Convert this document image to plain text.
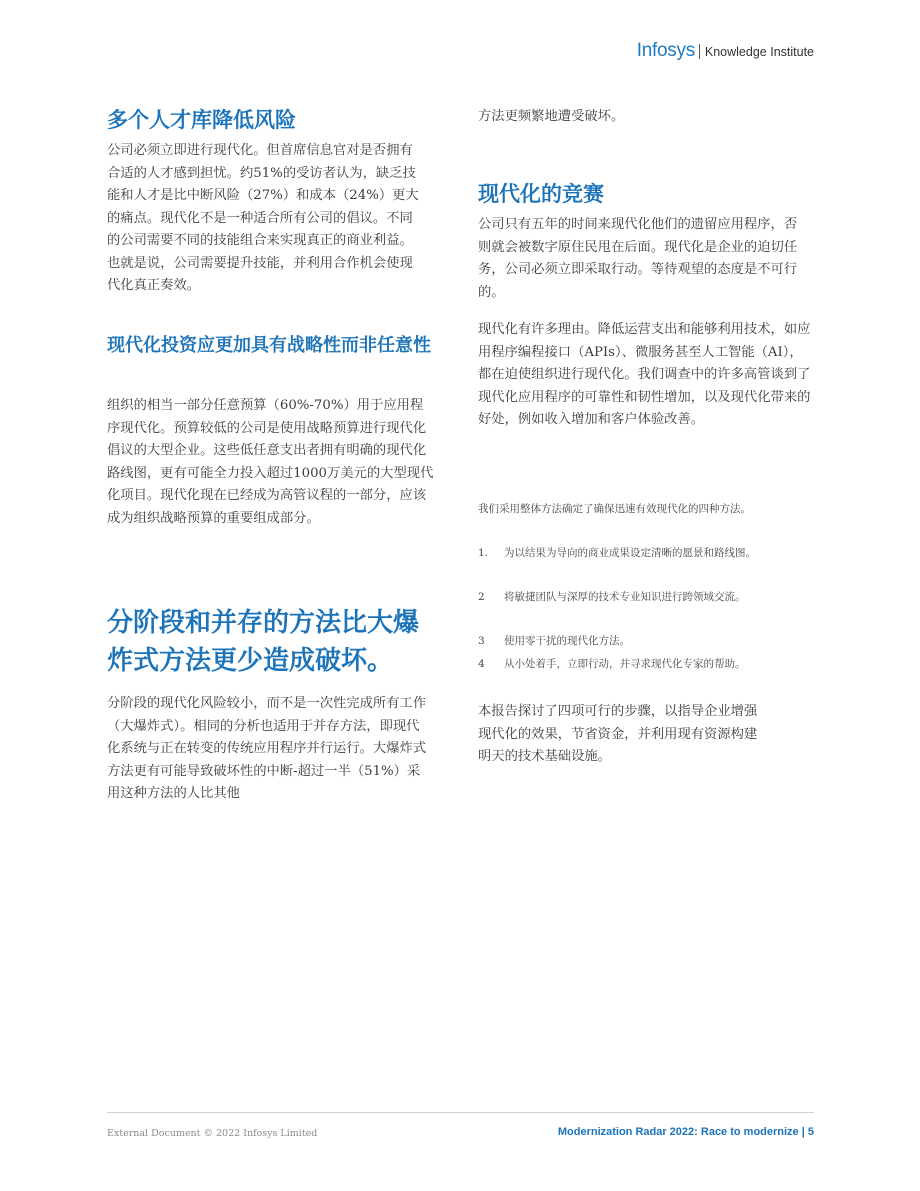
Infosys Knowledge Institute
多个人才库降低风险

公司必须立即进行现代化。但首席信息官对是否拥有合适的人才感到担忧。约51%的受访者认为，缺乏技能和人才是比中断风险（27%）和成本（24%）更大的痛点。现代化不是一种适合所有公司的倡议。不同的公司需要不同的技能组合来实现真正的商业利益。也就是说，公司需要提升技能，并利用合作机会使现代化真正奏效。

现代化投资应更加具有战略性而非任意性

组织的相当一部分任意预算（60%-70%）用于应用程序现代化。预算较低的公司是使用战略预算进行现代化倡议的大型企业。这些低任意支出者拥有明确的现代化路线图，更有可能全力投入超过1000万美元的大型现代化项目。现代化现在已经成为高管议程的一部分，应该成为组织战略预算的重要组成部分。

分阶段和并存的方法比大爆炸式方法更少造成破坏。

分阶段的现代化风险较小，而不是一次性完成所有工作（大爆炸式）。相同的分析也适用于并存方法，即现代化系统与正在转变的传统应用程序并行运行。大爆炸式方法更有可能导致破坏性的中断-超过一半（51%）采用这种方法的人比其他

方法更频繁地遭受破坏。

现代化的竞赛

公司只有五年的时间来现代化他们的遗留应用程序，否则就会被数字原住民甩在后面。现代化是企业的迫切任务，公司必须立即采取行动。等待观望的态度是不可行的。

现代化有许多理由。降低运营支出和能够利用技术，如应用程序编程接口（APIs）、微服务甚至人工智能（AI），都在迫使组织进行现代化。我们调查中的许多高管谈到了现代化应用程序的可靠性和韧性增加，以及现代化带来的好处，例如收入增加和客户体验改善。

我们采用整体方法确定了确保迅速有效现代化的四种方法。

1.	为以结果为导向的商业成果设定清晰的愿景和路线图。
2	将敏捷团队与深厚的技术专业知识进行跨领域交流。
3	使用零干扰的现代化方法。
4	从小处着手，立即行动，并寻求现代化专家的帮助。

本报告探讨了四项可行的步骤，以指导企业增强现代化的效果，节省资金，并利用现有资源构建明天的技术基础设施。

External Document © 2022 Infosys Limited	Modernization Radar 2022: Race to modernize | 5
